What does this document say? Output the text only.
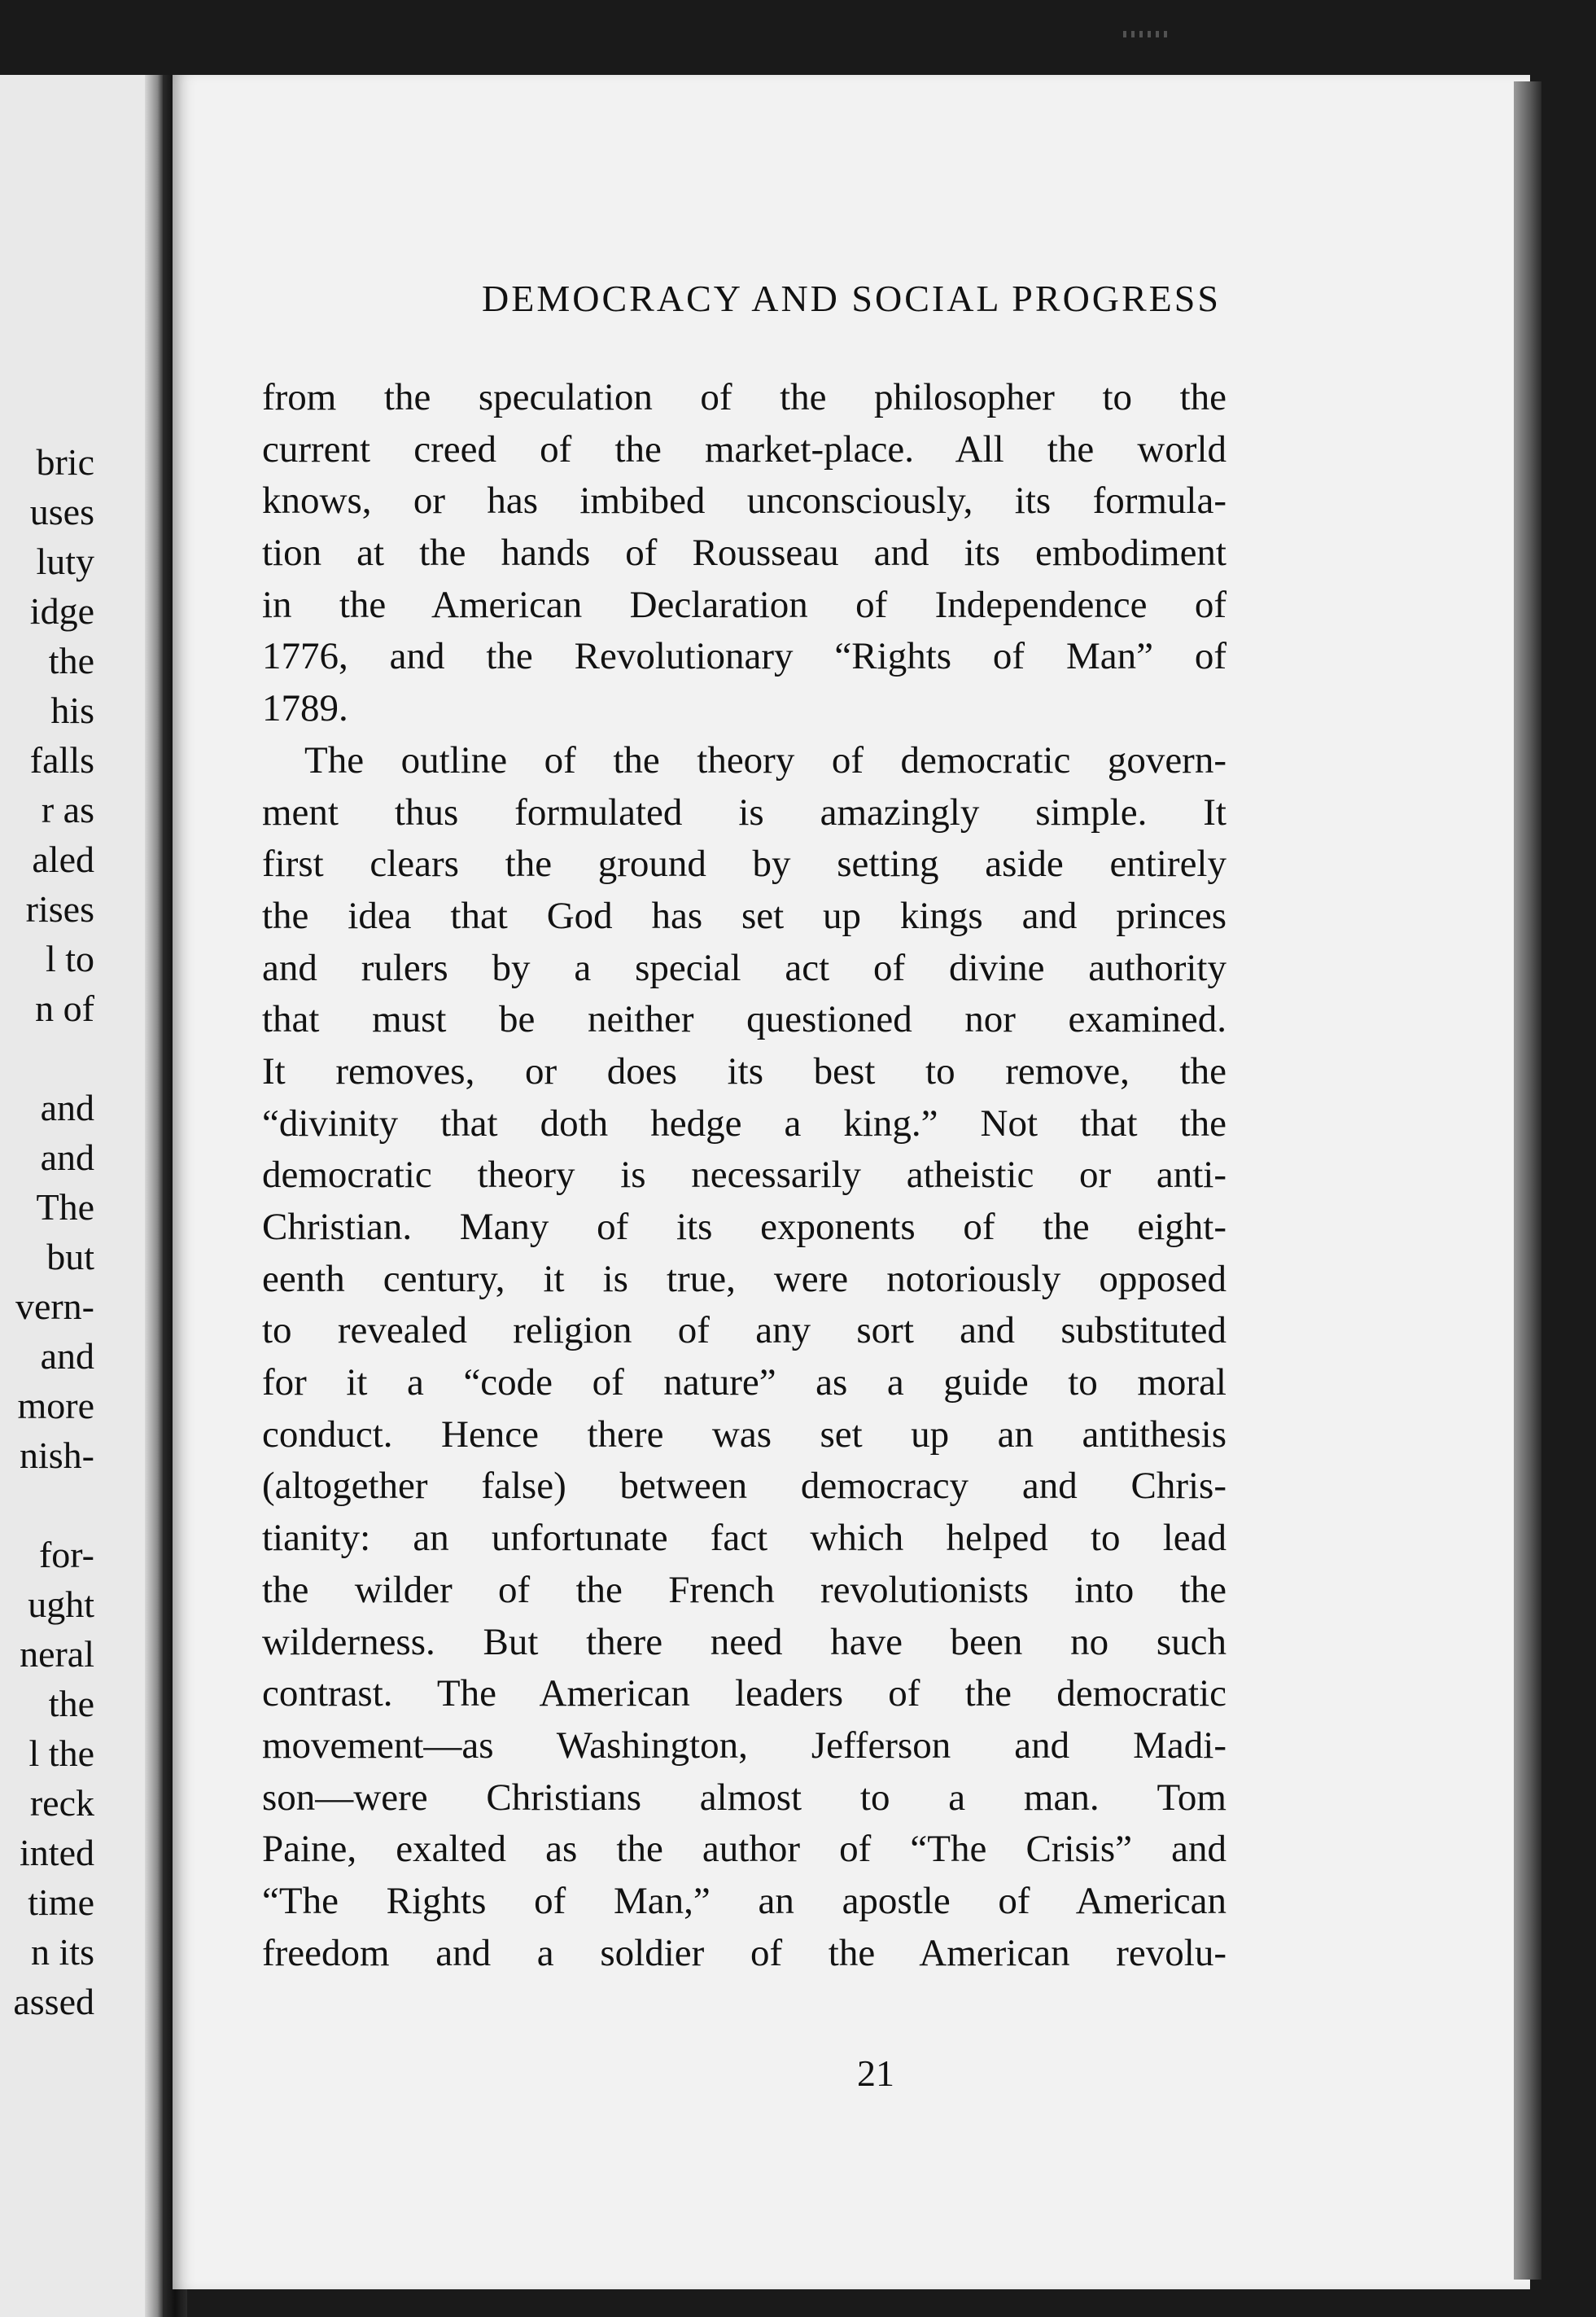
bric
uses
luty
idge
the
his
falls
r as
aled
rises
l to
n of
and
and
The
but
vern-
and
more
nish-
for-
ught
neral
the
l the
reck
inted
time
n its
assed
DEMOCRACY AND SOCIAL PROGRESS

from the speculation of the philosopher to the

current creed of the market-place. All the world

knows, or has imbibed unconsciously, its formula-

tion at the hands of Rousseau and its embodiment

in the American Declaration of Independence of

1776, and the Revolutionary “Rights of Man” of

1789.

The outline of the theory of democratic govern-

ment thus formulated is amazingly simple. It

first clears the ground by setting aside entirely

the idea that God has set up kings and princes

and rulers by a special act of divine authority

that must be neither questioned nor examined.

It removes, or does its best to remove, the

“divinity that doth hedge a king.” Not that the

democratic theory is necessarily atheistic or anti-

Christian. Many of its exponents of the eight-

eenth century, it is true, were notoriously opposed

to revealed religion of any sort and substituted

for it a “code of nature” as a guide to moral

conduct. Hence there was set up an antithesis

(altogether false) between democracy and Chris-

tianity: an unfortunate fact which helped to lead

the wilder of the French revolutionists into the

wilderness. But there need have been no such

contrast. The American leaders of the democratic

movement—as Washington, Jefferson and Madi-

son—were Christians almost to a man. Tom

Paine, exalted as the author of “The Crisis” and

“The Rights of Man,” an apostle of American

freedom and a soldier of the American revolu-

21
